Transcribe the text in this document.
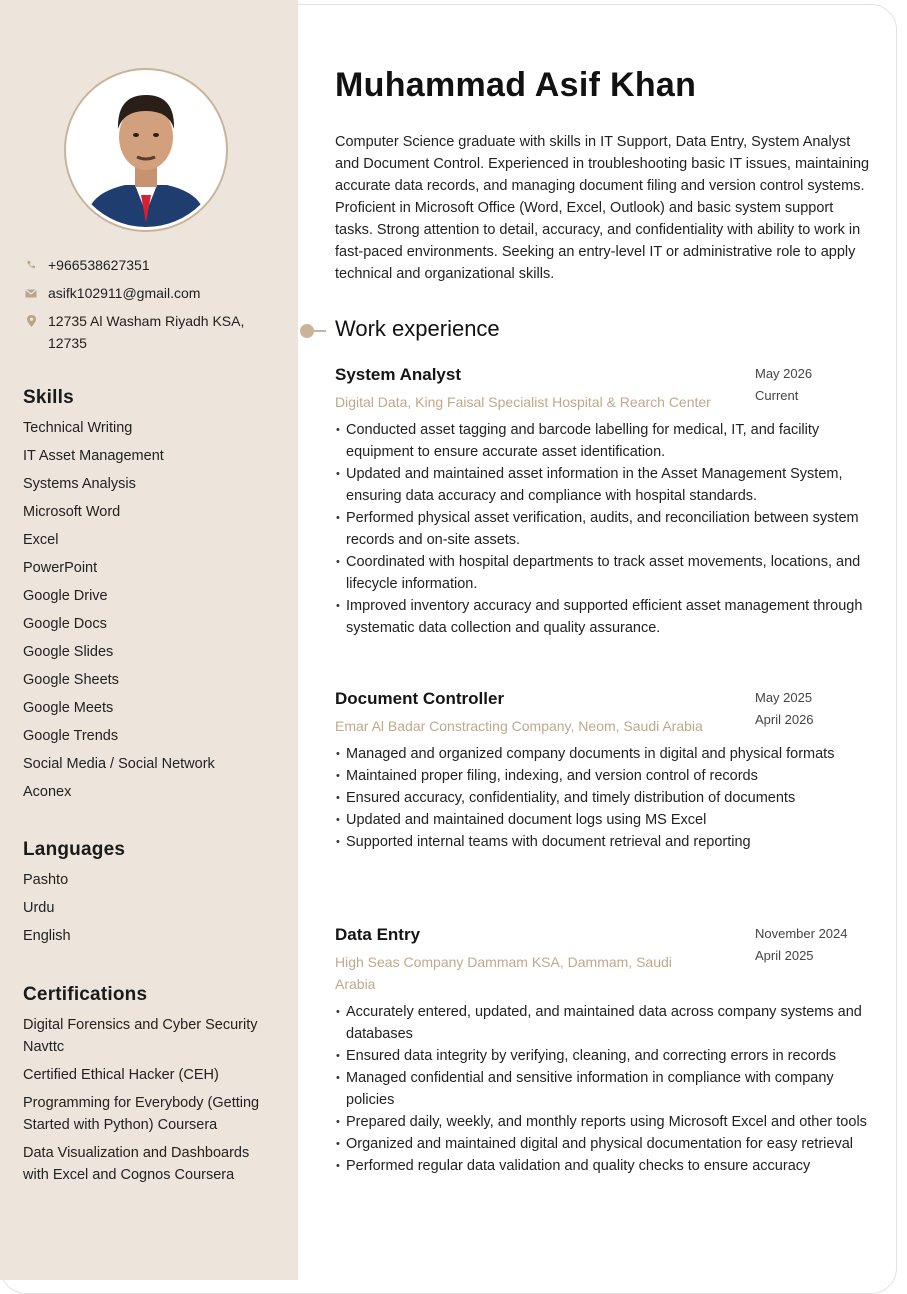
+966538627351
asifk102911@gmail.com
12735 Al Washam Riyadh KSA, 12735
Skills
Technical Writing
IT Asset Management
Systems Analysis
Microsoft Word
Excel
PowerPoint
Google Drive
Google Docs
Google Slides
Google Sheets
Google Meets
Google Trends
Social Media / Social Network
Aconex
Languages
Pashto
Urdu
English
Certifications
Digital Forensics and Cyber Security Navttc
Certified Ethical Hacker (CEH)
Programming for Everybody (Getting Started with Python) Coursera
Data Visualization and Dashboards with Excel and Cognos Coursera
Muhammad Asif Khan

Computer Science graduate with skills in IT Support, Data Entry, System Analyst and Document Control. Experienced in troubleshooting basic IT issues, maintaining accurate data records, and managing document filing and version control systems. Proficient in Microsoft Office (Word, Excel, Outlook) and basic system support tasks. Strong attention to detail, accuracy, and confidentiality with ability to work in fast-paced environments. Seeking an entry-level IT or administrative role to apply technical and organizational skills.

Work experience
System Analyst
Digital Data, King Faisal Specialist Hospital & Rearch Center
May 2026
Current
• Conducted asset tagging and barcode labelling for medical, IT, and facility equipment to ensure accurate asset identification.
• Updated and maintained asset information in the Asset Management System, ensuring data accuracy and compliance with hospital standards.
• Performed physical asset verification, audits, and reconciliation between system records and on-site assets.
• Coordinated with hospital departments to track asset movements, locations, and lifecycle information.
• Improved inventory accuracy and supported efficient asset management through systematic data collection and quality assurance.
Document Controller
Emar Al Badar Constracting Company, Neom, Saudi Arabia
May 2025
April 2026
• Managed and organized company documents in digital and physical formats
• Maintained proper filing, indexing, and version control of records
• Ensured accuracy, confidentiality, and timely distribution of documents
• Updated and maintained document logs using MS Excel
• Supported internal teams with document retrieval and reporting
Data Entry
High Seas Company Dammam KSA, Dammam, Saudi Arabia
November 2024
April 2025
• Accurately entered, updated, and maintained data across company systems and databases
• Ensured data integrity by verifying, cleaning, and correcting errors in records
• Managed confidential and sensitive information in compliance with company policies
• Prepared daily, weekly, and monthly reports using Microsoft Excel and other tools
• Organized and maintained digital and physical documentation for easy retrieval
• Performed regular data validation and quality checks to ensure accuracy
